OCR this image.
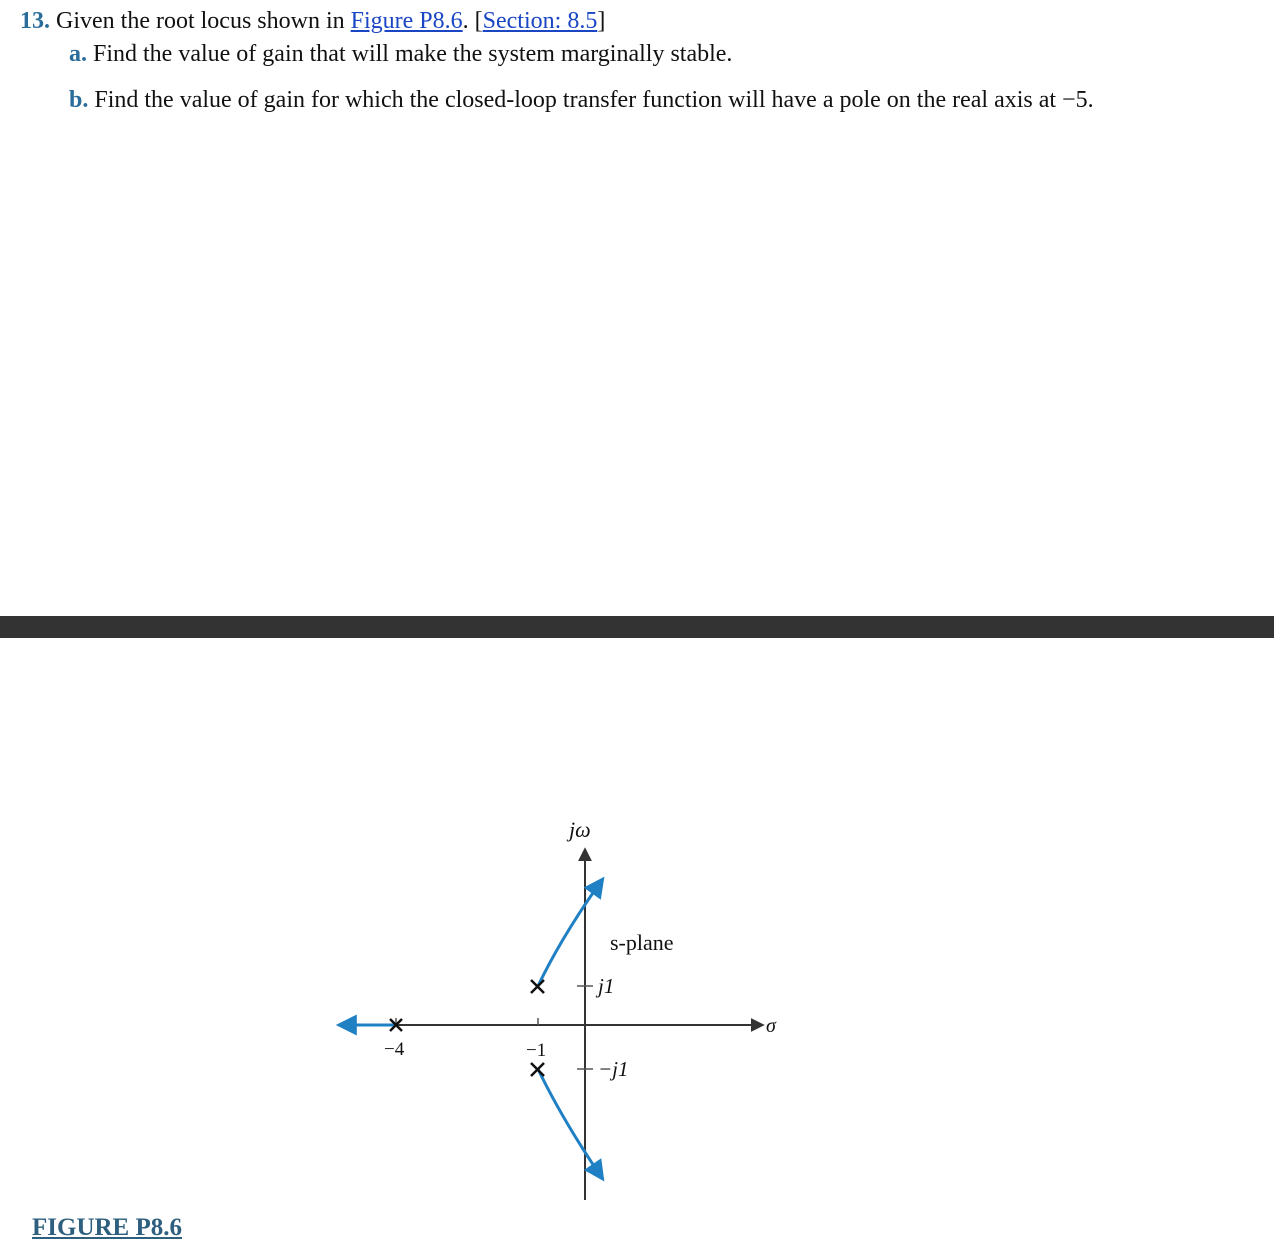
13. Given the root locus shown in Figure P8.6. [Section: 8.5]
a. Find the value of gain that will make the system marginally stable.
b. Find the value of gain for which the closed-loop transfer function will have a pole on the real axis at −5.
jω
σ
s-plane
j1
−j1
−4	−1
FIGURE P8.6
